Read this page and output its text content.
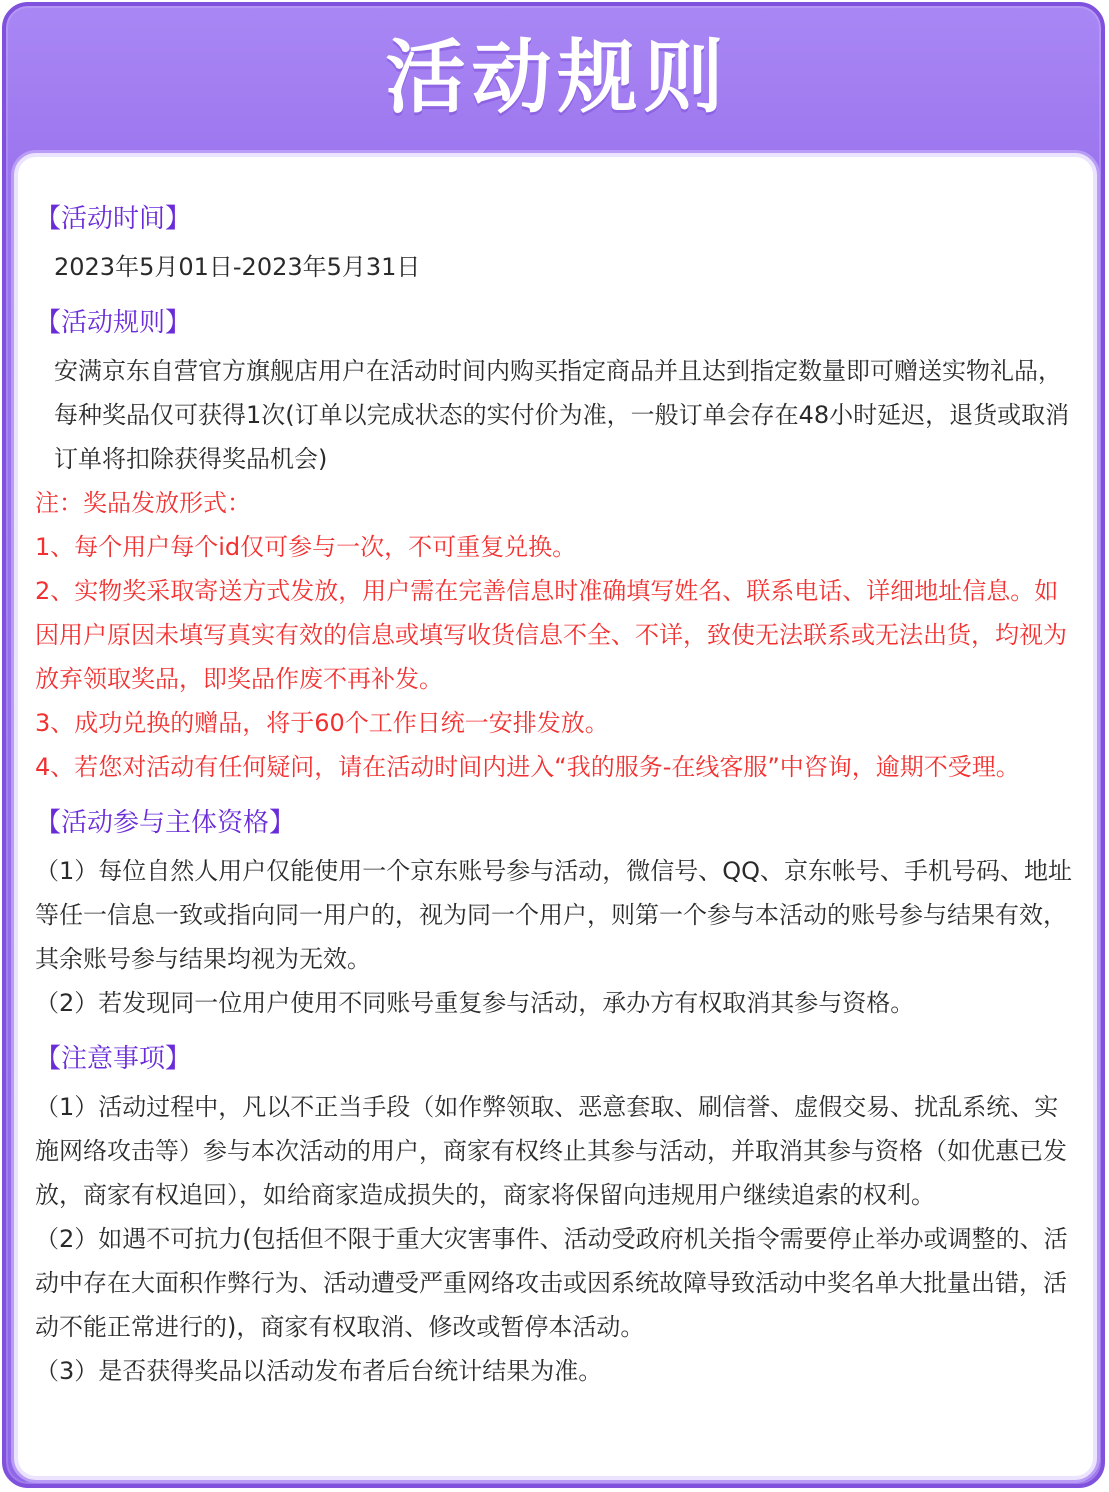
活动规则
【活动时间】
2023年5月01日-2023年5月31日
【活动规则】
安满京东自营官方旗舰店用户在活动时间内购买指定商品并且达到指定数量即可赠送实物礼品，每种奖品仅可获得1次(订单以完成状态的实付价为准，一般订单会存在48小时延迟，退货或取消订单将扣除获得奖品机会)
注：奖品发放形式：
1、每个用户每个id仅可参与一次，不可重复兑换。
2、实物奖采取寄送方式发放，用户需在完善信息时准确填写姓名、联系电话、详细地址信息。如因用户原因未填写真实有效的信息或填写收货信息不全、不详，致使无法联系或无法出货，均视为放弃领取奖品，即奖品作废不再补发。
3、成功兑换的赠品，将于60个工作日统一安排发放。
4、若您对活动有任何疑问，请在活动时间内进入“我的服务-在线客服”中咨询，逾期不受理。
【活动参与主体资格】
（1）每位自然人用户仅能使用一个京东账号参与活动，微信号、QQ、京东帐号、手机号码、地址等任一信息一致或指向同一用户的，视为同一个用户，则第一个参与本活动的账号参与结果有效，其余账号参与结果均视为无效。
（2）若发现同一位用户使用不同账号重复参与活动，承办方有权取消其参与资格。
【注意事项】
（1）活动过程中，凡以不正当手段（如作弊领取、恶意套取、刷信誉、虚假交易、扰乱系统、实施网络攻击等）参与本次活动的用户，商家有权终止其参与活动，并取消其参与资格（如优惠已发放，商家有权追回），如给商家造成损失的，商家将保留向违规用户继续追索的权利。
（2）如遇不可抗力(包括但不限于重大灾害事件、活动受政府机关指令需要停止举办或调整的、活动中存在大面积作弊行为、活动遭受严重网络攻击或因系统故障导致活动中奖名单大批量出错，活动不能正常进行的)，商家有权取消、修改或暂停本活动。
（3）是否获得奖品以活动发布者后台统计结果为准。
